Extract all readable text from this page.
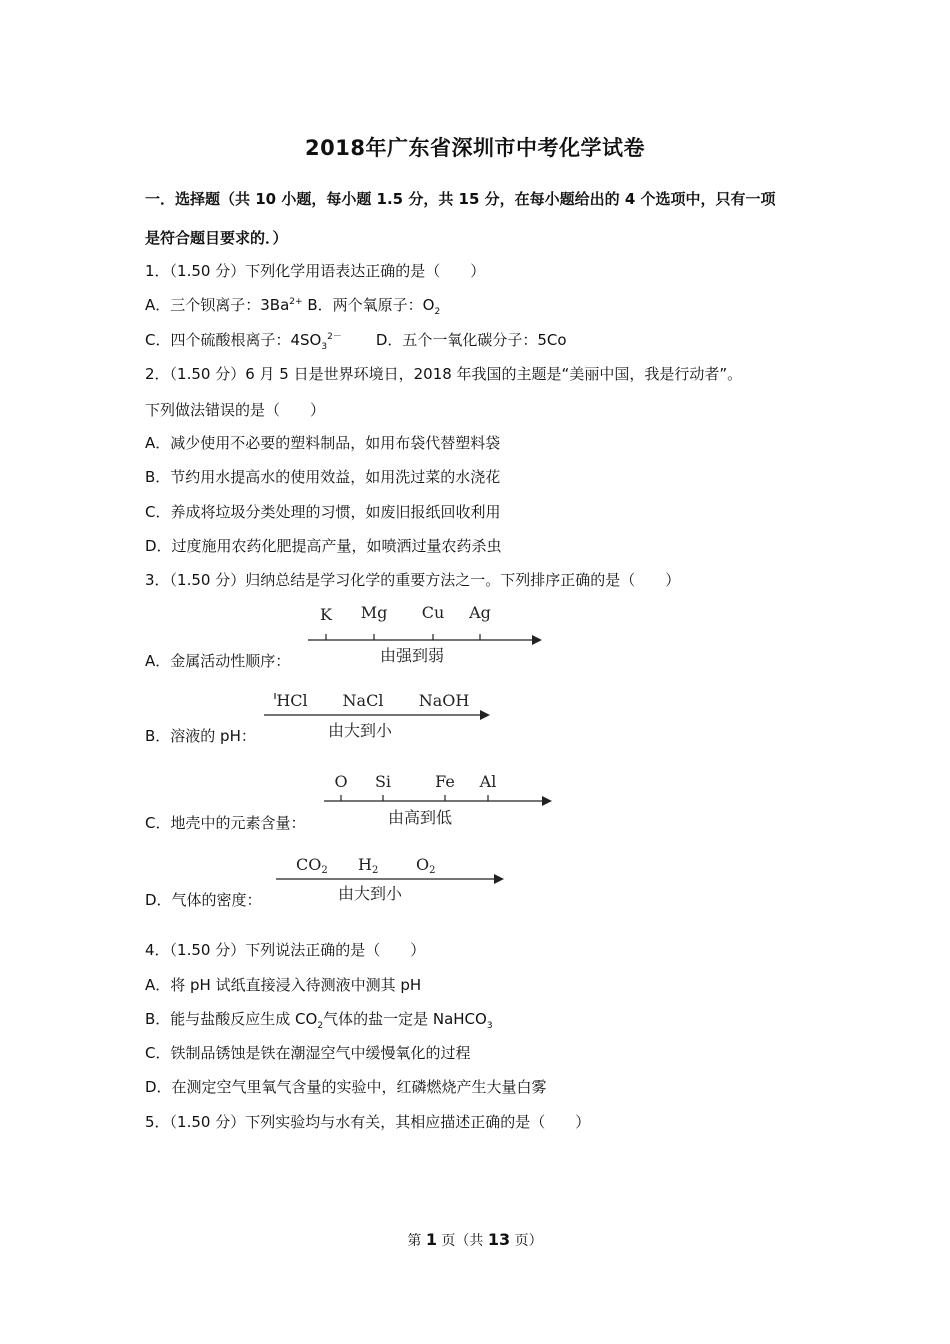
2018年广东省深圳市中考化学试卷
一．选择题（共 10 小题，每小题 1.5 分，共 15 分，在每小题给出的 4 个选项中，只有一项
是符合题目要求的．）
1．（1.50 分）下列化学用语表达正确的是（　　）
A．三个钡离子：$3Ba^{2+}$ B．两个氧原子：$O_2$
C．四个硫酸根离子：$4SO_3^{2-}$ D．五个一氧化碳分子：5Co
2．（1.50 分）6 月 5 日是世界环境日，2018 年我国的主题是“美丽中国，我是行动者”。
下列做法错误的是（　　）
A．减少使用不必要的塑料制品，如用布袋代替塑料袋
B．节约用水提高水的使用效益，如用洗过菜的水浇花
C．养成将垃圾分类处理的习惯，如废旧报纸回收利用
D．过度施用农药化肥提高产量，如喷洒过量农药杀虫
3．（1.50 分）归纳总结是学习化学的重要方法之一。下列排序正确的是（　　）
A．金属活动性顺序：
K Mg Cu Ag
由强到弱
B．溶液的 pH：
HCl NaCl NaOH
由大到小
C．地壳中的元素含量：
O Si	Fe Al
由高到低
D．气体的密度：
CO2 H2 O2
由大到小
4．（1.50 分）下列说法正确的是（　　）
A．将 pH 试纸直接浸入待测液中测其 pH
B．能与盐酸反应生成 $CO_2$气体的盐一定是 NaHCO$_3$
C．铁制品锈蚀是铁在潮湿空气中缓慢氧化的过程
D．在测定空气里氧气含量的实验中，红磷燃烧产生大量白雾
5．（1.50 分）下列实验均与水有关，其相应描述正确的是（　　）
第 1 页（共 13 页）
